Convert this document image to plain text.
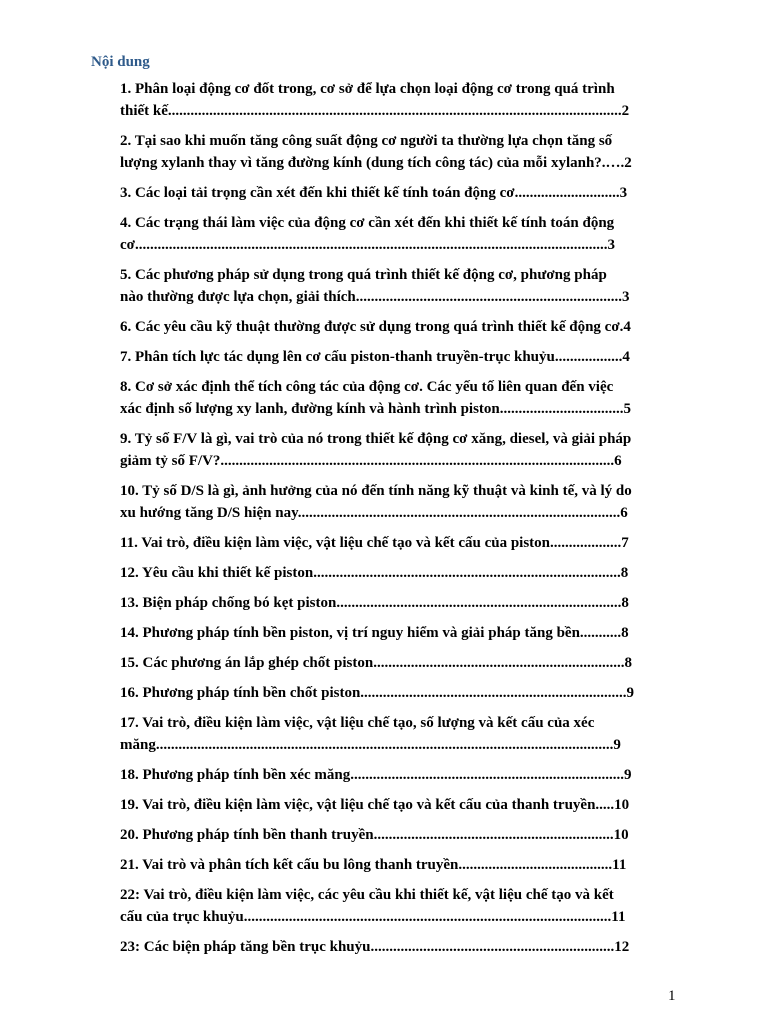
Nội dung
1. Phân loại động cơ đốt trong, cơ sở để lựa chọn loại động cơ trong quá trình
thiết kế.........................................................................................................................2
2. Tại sao khi muốn tăng công suất động cơ người ta thường lựa chọn tăng số
lượng xylanh thay vì tăng đường kính (dung tích công tác) của mỗi xylanh?.….2
3. Các loại tải trọng cần xét đến khi thiết kế tính toán động cơ............................3
4. Các trạng thái làm việc của động cơ cần xét đến khi thiết kế tính toán động
cơ..............................................................................................................................3
5. Các phương pháp sử dụng trong quá trình thiết kế động cơ, phương pháp
nào thường được lựa chọn, giải thích.......................................................................3
6. Các yêu cầu kỹ thuật thường được sử dụng trong quá trình thiết kế động cơ.4
7. Phân tích lực tác dụng lên cơ cấu piston-thanh truyền-trục khuỷu..................4
8. Cơ sở xác định thể tích công tác của động cơ. Các yếu tố liên quan đến việc
xác định số lượng xy lanh, đường kính và hành trình piston.................................5
9. Tỷ số F/V là gì, vai trò của nó trong thiết kế động cơ xăng, diesel, và giải pháp
giảm tỷ số F/V?.........................................................................................................6
10. Tỷ số D/S là gì, ảnh hưởng của nó đến tính năng kỹ thuật và kinh tế, và lý do
xu hướng tăng D/S hiện nay......................................................................................6
11. Vai trò, điều kiện làm việc, vật liệu chế tạo và kết cấu của piston...................7
12. Yêu cầu khi thiết kế piston..................................................................................8
13. Biện pháp chống bó kẹt piston............................................................................8
14. Phương pháp tính bền piston, vị trí nguy hiểm và giải pháp tăng bền...........8
15. Các phương án lắp ghép chốt piston...................................................................8
16. Phương pháp tính bền chốt piston.......................................................................9
17. Vai trò, điều kiện làm việc, vật liệu chế tạo, số lượng và kết cấu của xéc
măng..........................................................................................................................9
18. Phương pháp tính bền xéc măng.........................................................................9
19. Vai trò, điều kiện làm việc, vật liệu chế tạo và kết cấu của thanh truyền.....10
20. Phương pháp tính bền thanh truyền................................................................10
21. Vai trò và phân tích kết cấu bu lông thanh truyền.........................................11
22: Vai trò, điều kiện làm việc, các yêu cầu khi thiết kế, vật liệu chế tạo và kết
cấu của trục khuỷu..................................................................................................11
23: Các biện pháp tăng bền trục khuỷu.................................................................12
1
